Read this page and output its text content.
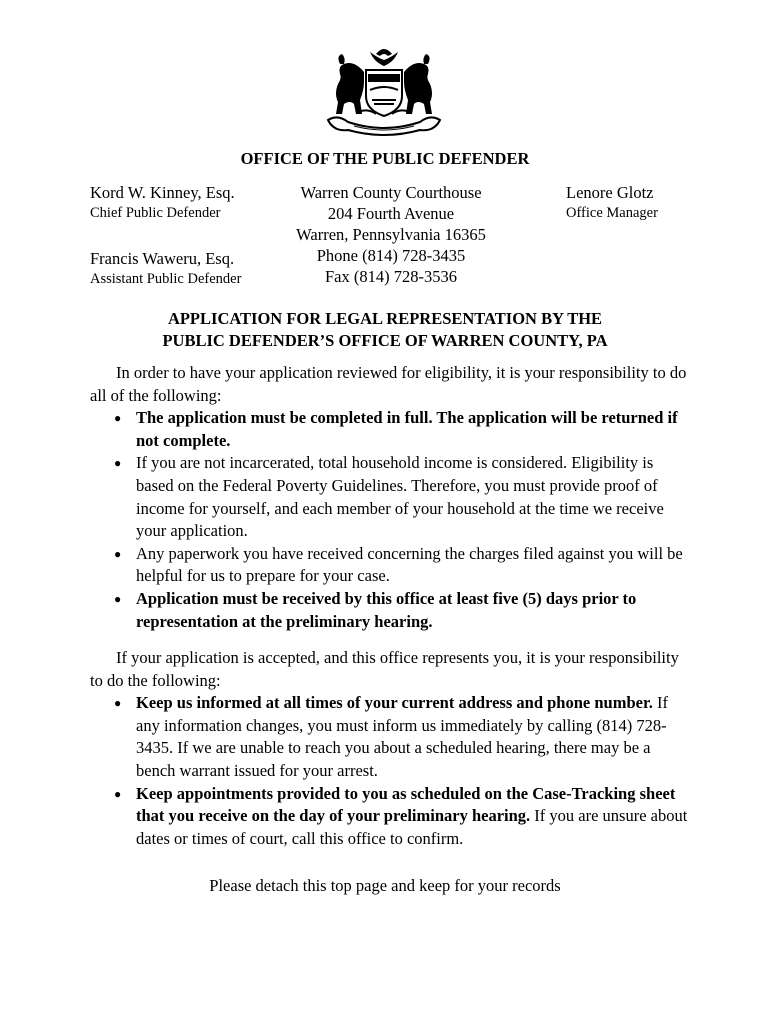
OFFICE OF THE PUBLIC DEFENDER
Kord W. Kinney, Esq.
Chief Public Defender
Francis Waweru, Esq.
Assistant Public Defender
Warren County Courthouse
204 Fourth Avenue
Warren, Pennsylvania 16365
Phone (814) 728-3435
Fax (814) 728-3536
Lenore Glotz
Office Manager
APPLICATION FOR LEGAL REPRESENTATION BY THE
PUBLIC DEFENDER’S OFFICE OF WARREN COUNTY, PA

In order to have your application reviewed for eligibility, it is your responsibility to do all of the following:

● The application must be completed in full. The application will be returned if not complete.
● If you are not incarcerated, total household income is considered. Eligibility is based on the Federal Poverty Guidelines. Therefore, you must provide proof of income for yourself, and each member of your household at the time we receive your application.
● Any paperwork you have received concerning the charges filed against you will be helpful for us to prepare for your case.
● Application must be received by this office at least five (5) days prior to representation at the preliminary hearing.

If your application is accepted, and this office represents you, it is your responsibility to do the following:

● Keep us informed at all times of your current address and phone number. If any information changes, you must inform us immediately by calling (814) 728-3435. If we are unable to reach you about a scheduled hearing, there may be a bench warrant issued for your arrest.
● Keep appointments provided to you as scheduled on the Case-Tracking sheet that you receive on the day of your preliminary hearing. If you are unsure about dates or times of court, call this office to confirm.
Please detach this top page and keep for your records
